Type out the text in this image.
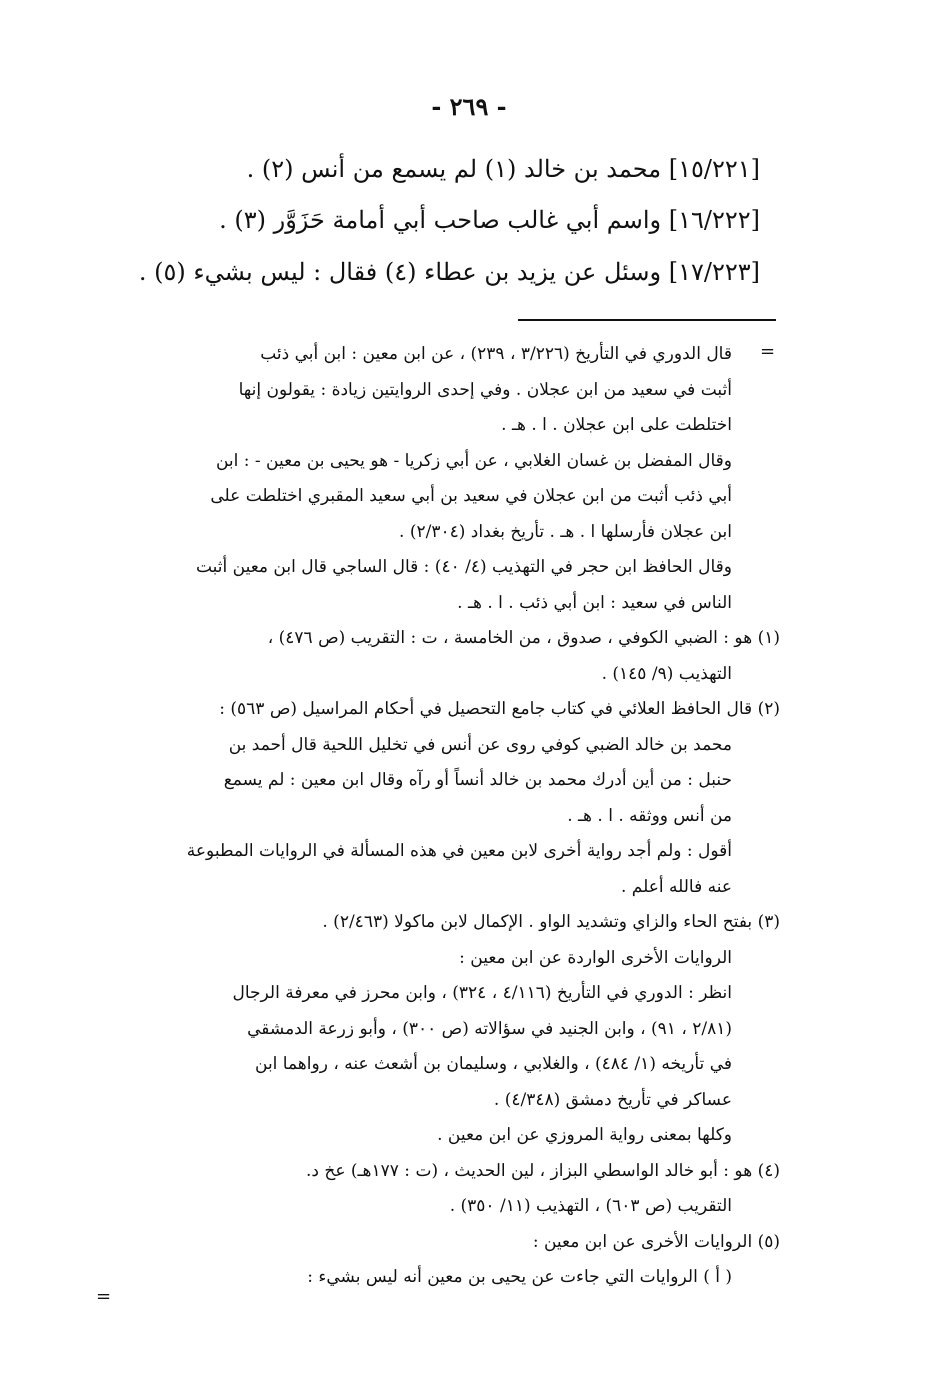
- ٢٦٩ -
[١٥/٢٢١] محمد بن خالد (١) لم يسمع من أنس (٢) .
[١٦/٢٢٢] واسم أبي غالب صاحب أبي أمامة حَزَوَّر (٣) .
[١٧/٢٢٣] وسئل عن يزيد بن عطاء (٤) فقال : ليس بشيء (٥) .
=
=
قال الدوري في التأريخ (٣/٢٢٦ ، ٢٣٩) ، عن ابن معين : ابن أبي ذئب
أثبت في سعيد من ابن عجلان . وفي إحدى الروايتين زيادة : يقولون إنها
اختلطت على ابن عجلان . ا . هـ .
وقال المفضل بن غسان الغلابي ، عن أبي زكريا - هو يحيى بن معين - : ابن
أبي ذئب أثبت من ابن عجلان في سعيد بن أبي سعيد المقبري اختلطت على
ابن عجلان فأرسلها ا . هـ . تأريخ بغداد (٢/٣٠٤) .
وقال الحافظ ابن حجر في التهذيب (٤/ ٤٠) : قال الساجي قال ابن معين أثبت
الناس في سعيد : ابن أبي ذئب . ا . هـ .
(١) هو : الضبي الكوفي ، صدوق ، من الخامسة ، ت : التقريب (ص ٤٧٦) ،
التهذيب (٩/ ١٤٥) .
(٢) قال الحافظ العلائي في كتاب جامع التحصيل في أحكام المراسيل (ص ٥٦٣) :
محمد بن خالد الضبي كوفي روى عن أنس في تخليل اللحية قال أحمد بن
حنبل : من أين أدرك محمد بن خالد أنساً أو رآه وقال ابن معين : لم يسمع
من أنس ووثقه . ا . هـ .
أقول : ولم أجد رواية أخرى لابن معين في هذه المسألة في الروايات المطبوعة
عنه فالله أعلم .
(٣) بفتح الحاء والزاي وتشديد الواو . الإكمال لابن ماكولا (٢/٤٦٣) .
الروايات الأخرى الواردة عن ابن معين :
انظر : الدوري في التأريخ (٤/١١٦ ، ٣٢٤) ، وابن محرز في معرفة الرجال
(٢/٨١ ، ٩١) ، وابن الجنيد في سؤالاته (ص ٣٠٠) ، وأبو زرعة الدمشقي
في تأريخه (١/ ٤٨٤) ، والغلابي ، وسليمان بن أشعث عنه ، رواهما ابن
عساكر في تأريخ دمشق (٤/٣٤٨) .
وكلها بمعنى رواية المروزي عن ابن معين .
(٤) هو : أبو خالد الواسطي البزاز ، لين الحديث ، (ت : ١٧٧هـ) عخ د.
التقريب (ص ٦٠٣) ، التهذيب (١١/ ٣٥٠) .
(٥) الروايات الأخرى عن ابن معين :
( أ ) الروايات التي جاءت عن يحيى بن معين أنه ليس بشيء :
